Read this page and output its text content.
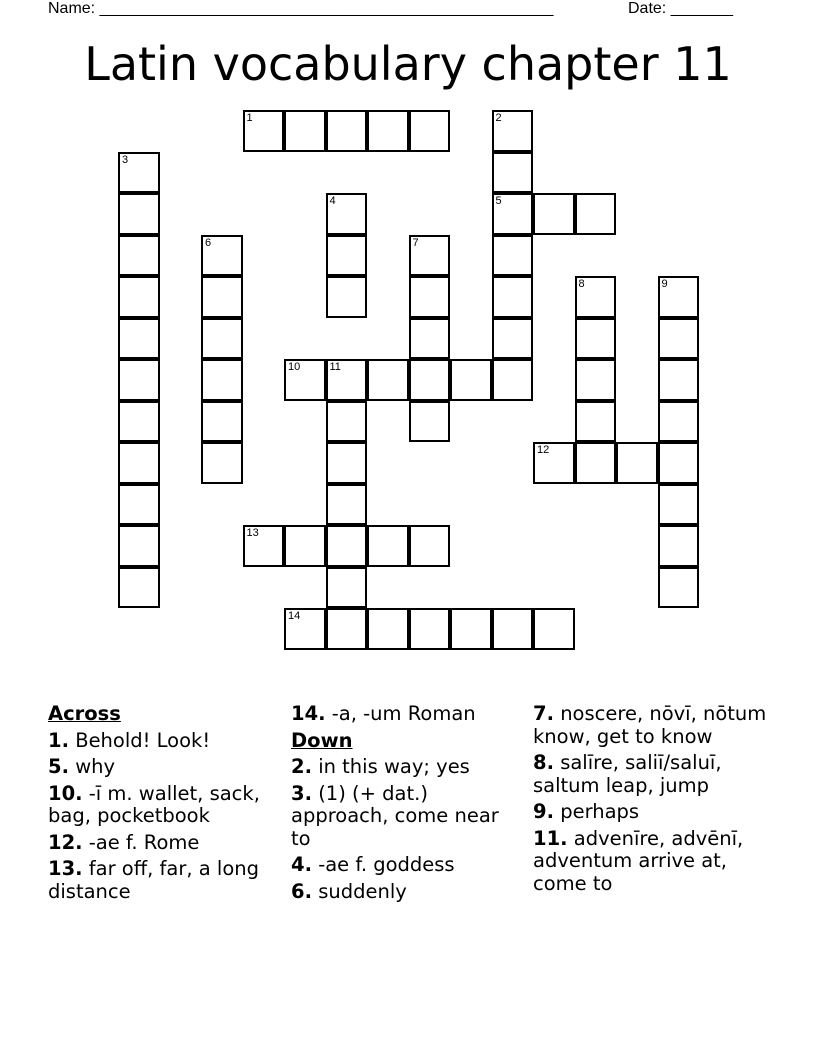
Name: ___________________________________________________	Date: _______
Latin vocabulary chapter 11
1
5
10	11
12
13
14
2
3
4
6	7
8	9
Across
1. Behold! Look!
5. why
10. -ī m. wallet, sack, bag, pocketbook
12. -ae f. Rome
13. far off, far, a long distance
14. -a, -um Roman
Down
2. in this way; yes
3. (1) (+ dat.) approach, come near to
4. -ae f. goddess
6. suddenly
7. noscere, nōvī, nōtum know, get to know
8. salīre, saliī/saluī, saltum leap, jump
9. perhaps
11. advenīre, advēnī, adventum arrive at, come to
